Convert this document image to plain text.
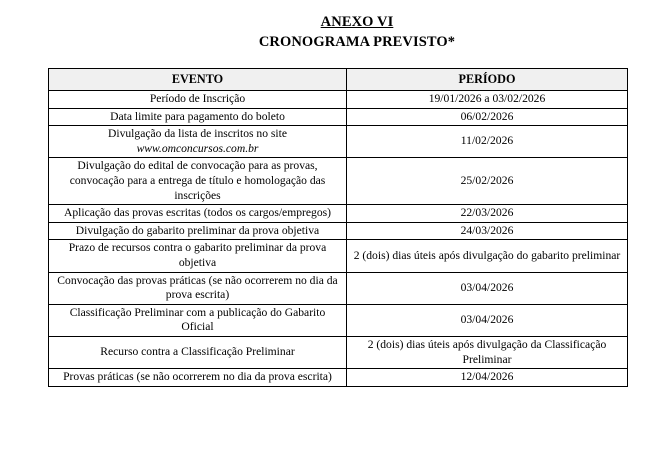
ANEXO VI
CRONOGRAMA PREVISTO*
EVENTO	PERÍODO
Período de Inscrição	19/01/2026 a 03/02/2026
Data limite para pagamento do boleto	06/02/2026
Divulgação da lista de inscritos no site
www.omconcursos.com.br	11/02/2026
Divulgação do edital de convocação para as provas, convocação para a entrega de título e homologação das inscrições	25/02/2026
Aplicação das provas escritas (todos os cargos/empregos)	22/03/2026
Divulgação do gabarito preliminar da prova objetiva	24/03/2026
Prazo de recursos contra o gabarito preliminar da prova objetiva	2 (dois) dias úteis após divulgação do gabarito preliminar
Convocação das provas práticas (se não ocorrerem no dia da prova escrita)	03/04/2026
Classificação Preliminar com a publicação do Gabarito Oficial	03/04/2026
Recurso contra a Classificação Preliminar	2 (dois) dias úteis após divulgação da Classificação Preliminar
Provas práticas (se não ocorrerem no dia da prova escrita)	12/04/2026
